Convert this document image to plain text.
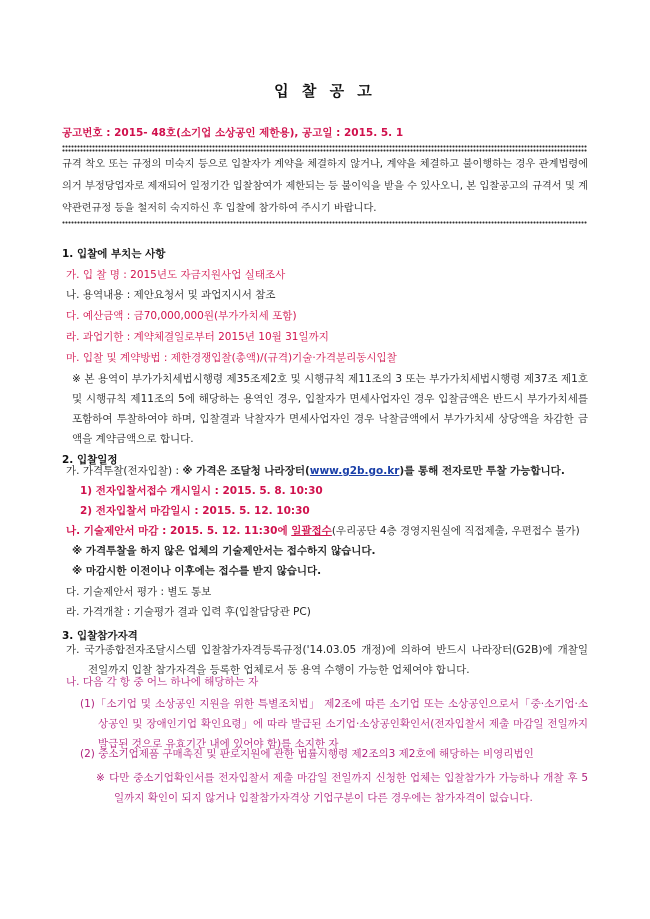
입 찰 공 고
공고번호 : 2015- 48호(소기업 소상공인 제한용), 공고일 : 2015. 5. 1
규격 착오 또는 규정의 미숙지 등으로 입찰자가 계약을 체결하지 않거나, 계약을 체결하고 불이행하는 경우 관계법령에 의거 부정당업자로 제재되어 일정기간 입찰참여가 제한되는 등 불이익을 받을 수 있사오니, 본 입찰공고의 규격서 및 계약관련규정 등을 철저히 숙지하신 후 입찰에 참가하여 주시기 바랍니다.
1. 입찰에 부치는 사항
가. 입 찰 명 : 2015년도 자금지원사업 실태조사
나. 용역내용 : 제안요청서 및 과업지시서 참조
다. 예산금액 : 금70,000,000원(부가가치세 포함)
라. 과업기한 : 계약체결일로부터 2015년 10월 31일까지
마. 입찰 및 계약방법 : 제한경쟁입찰(총액)/(규격)기술·가격분리동시입찰
※ 본 용역이 부가가치세법시행령 제35조제2호 및 시행규칙 제11조의 3 또는 부가가치세법시행령 제37조 제1호 및 시행규칙 제11조의 5에 해당하는 용역인 경우, 입찰자가 면세사업자인 경우 입찰금액은 반드시 부가가치세를 포함하여 투찰하여야 하며, 입찰결과 낙찰자가 면세사업자인 경우 낙찰금액에서 부가가치세 상당액을 차감한 금액을 계약금액으로 합니다.
2. 입찰일정
가. 가격투찰(전자입찰) : ※ 가격은 조달청 나라장터(www.g2b.go.kr)를 통해 전자로만 투찰 가능합니다.
1) 전자입찰서접수 개시일시 : 2015. 5. 8. 10:30
2) 전자입찰서 마감일시 : 2015. 5. 12. 10:30
나. 기술제안서 마감 : 2015. 5. 12. 11:30에 일괄접수(우리공단 4층 경영지원실에 직접제출, 우편접수 불가)
※ 가격투찰을 하지 않은 업체의 기술제안서는 접수하지 않습니다.
※ 마감시한 이전이나 이후에는 접수를 받지 않습니다.
다. 기술제안서 평가 : 별도 통보
라. 가격개찰 : 기술평가 결과 입력 후(입찰담당관 PC)
3. 입찰참가자격
가. 국가종합전자조달시스템 입찰참가자격등록규정('14.03.05 개정)에 의하여 반드시 나라장터(G2B)에 개찰일 전일까지 입찰 참가자격을 등록한 업체로서 동 용역 수행이 가능한 업체여야 합니다.
나. 다음 각 항 중 어느 하나에 해당하는 자
(1)「소기업 및 소상공인 지원을 위한 특별조치법」 제2조에 따른 소기업 또는 소상공인으로서「중·소기업·소상공인 및 장애인기업 확인요령」에 따라 발급된 소기업·소상공인확인서(전자입찰서 제출 마감일 전일까지 발급된 것으로 유효기간 내에 있어야 함)를 소지한 자
(2) 중소기업제품 구매촉진 및 판로지원에 관한 법률시행령 제2조의3 제2호에 해당하는 비영리법인
※ 다만 중소기업확인서를 전자입찰서 제출 마감일 전일까지 신청한 업체는 입찰참가가 가능하나 개찰 후 5일까지 확인이 되지 않거나 입찰참가자격상 기업구분이 다른 경우에는 참가자격이 없습니다.
